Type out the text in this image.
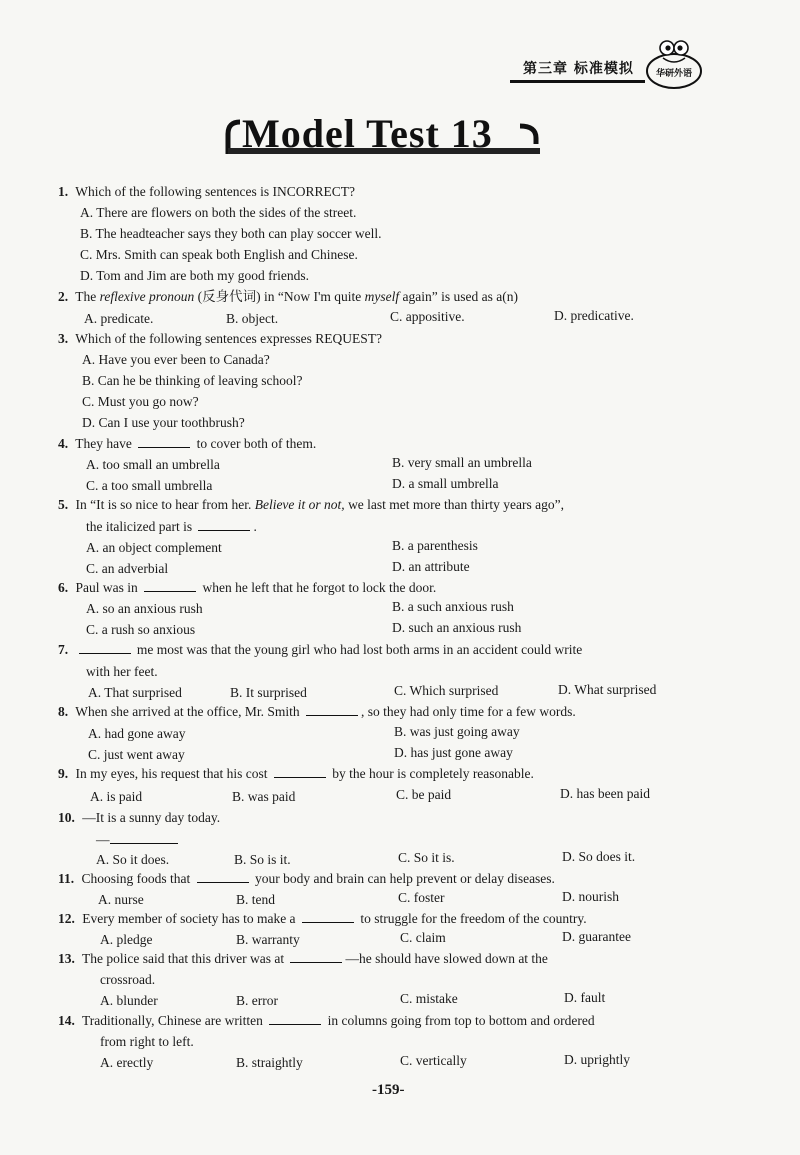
第三章 标准模拟	华研外语
Model Test 13
1. Which of the following sentences is INCORRECT?
A. There are flowers on both the sides of the street.
B. The headteacher says they both can play soccer well.
C. Mrs. Smith can speak both English and Chinese.
D. Tom and Jim are both my good friends.
2. The reflexive pronoun (反身代词) in “Now I'm quite myself again” is used as a(n)
A. predicate.	B. object.	C. appositive.	D. predicative.
3. Which of the following sentences expresses REQUEST?
A. Have you ever been to Canada?
B. Can he be thinking of leaving school?
C. Must you go now?
D. Can I use your toothbrush?
4. They have	to cover both of them.
A. too small an umbrella	B. very small an umbrella
C. a too small umbrella	D. a small umbrella
5. In “It is so nice to hear from her. Believe it or not, we last met more than thirty years ago”,
the italicized part is	.
A. an object complement	B. a parenthesis
C. an adverbial	D. an attribute
6. Paul was in	when he left that he forgot to lock the door.
A. so an anxious rush	B. a such anxious rush
C. a rush so anxious	D. such an anxious rush
7.	me most was that the young girl who had lost both arms in an accident could write
with her feet.
A. That surprised	B. It surprised	C. Which surprised	D. What surprised
8. When she arrived at the office, Mr. Smith	, so they had only time for a few words.
A. had gone away	B. was just going away
C. just went away	D. has just gone away
9. In my eyes, his request that his cost	by the hour is completely reasonable.
A. is paid	B. was paid	C. be paid	D. has been paid
10. —It is a sunny day today.
—
A. So it does.	B. So is it.	C. So it is.	D. So does it.
11. Choosing foods that	your body and brain can help prevent or delay diseases.
A. nurse	B. tend	C. foster	D. nourish
12. Every member of society has to make a	to struggle for the freedom of the country.
A. pledge	B. warranty	C. claim	D. guarantee
13. The police said that this driver was at	—he should have slowed down at the
crossroad.
A. blunder	B. error	C. mistake	D. fault
14. Traditionally, Chinese are written	in columns going from top to bottom and ordered
from right to left.
A. erectly	B. straightly	C. vertically	D. uprightly
-159-
